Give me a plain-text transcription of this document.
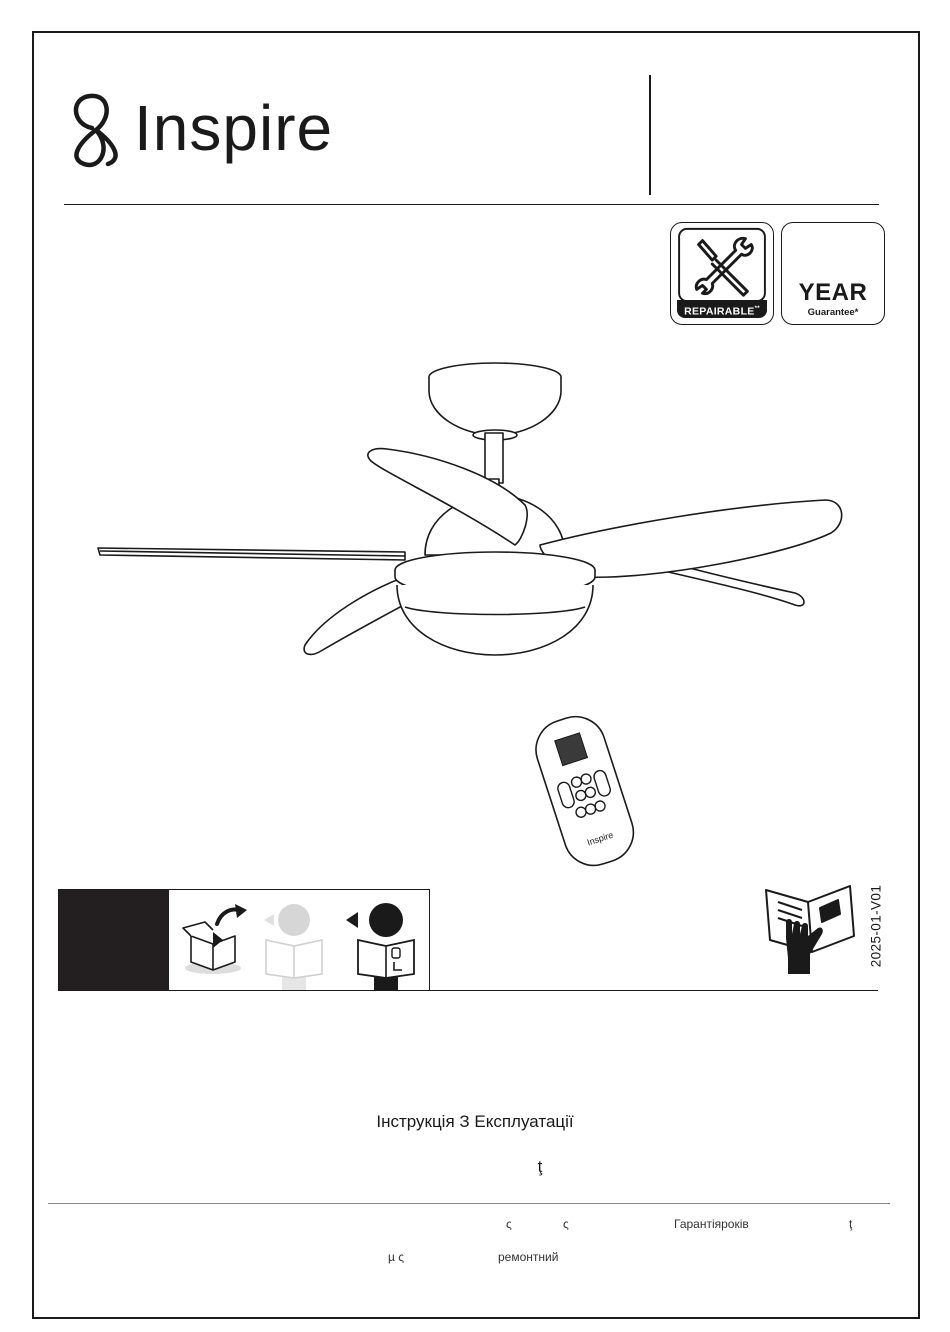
Inspire
REPAIRABLE**
YEAR
Guarantee*
Inspire
2025-01-V01
Інструкція З Експлуатації
ţ
ς	ς	Гарантіяроків	ţ
µ ς	ремонтний
